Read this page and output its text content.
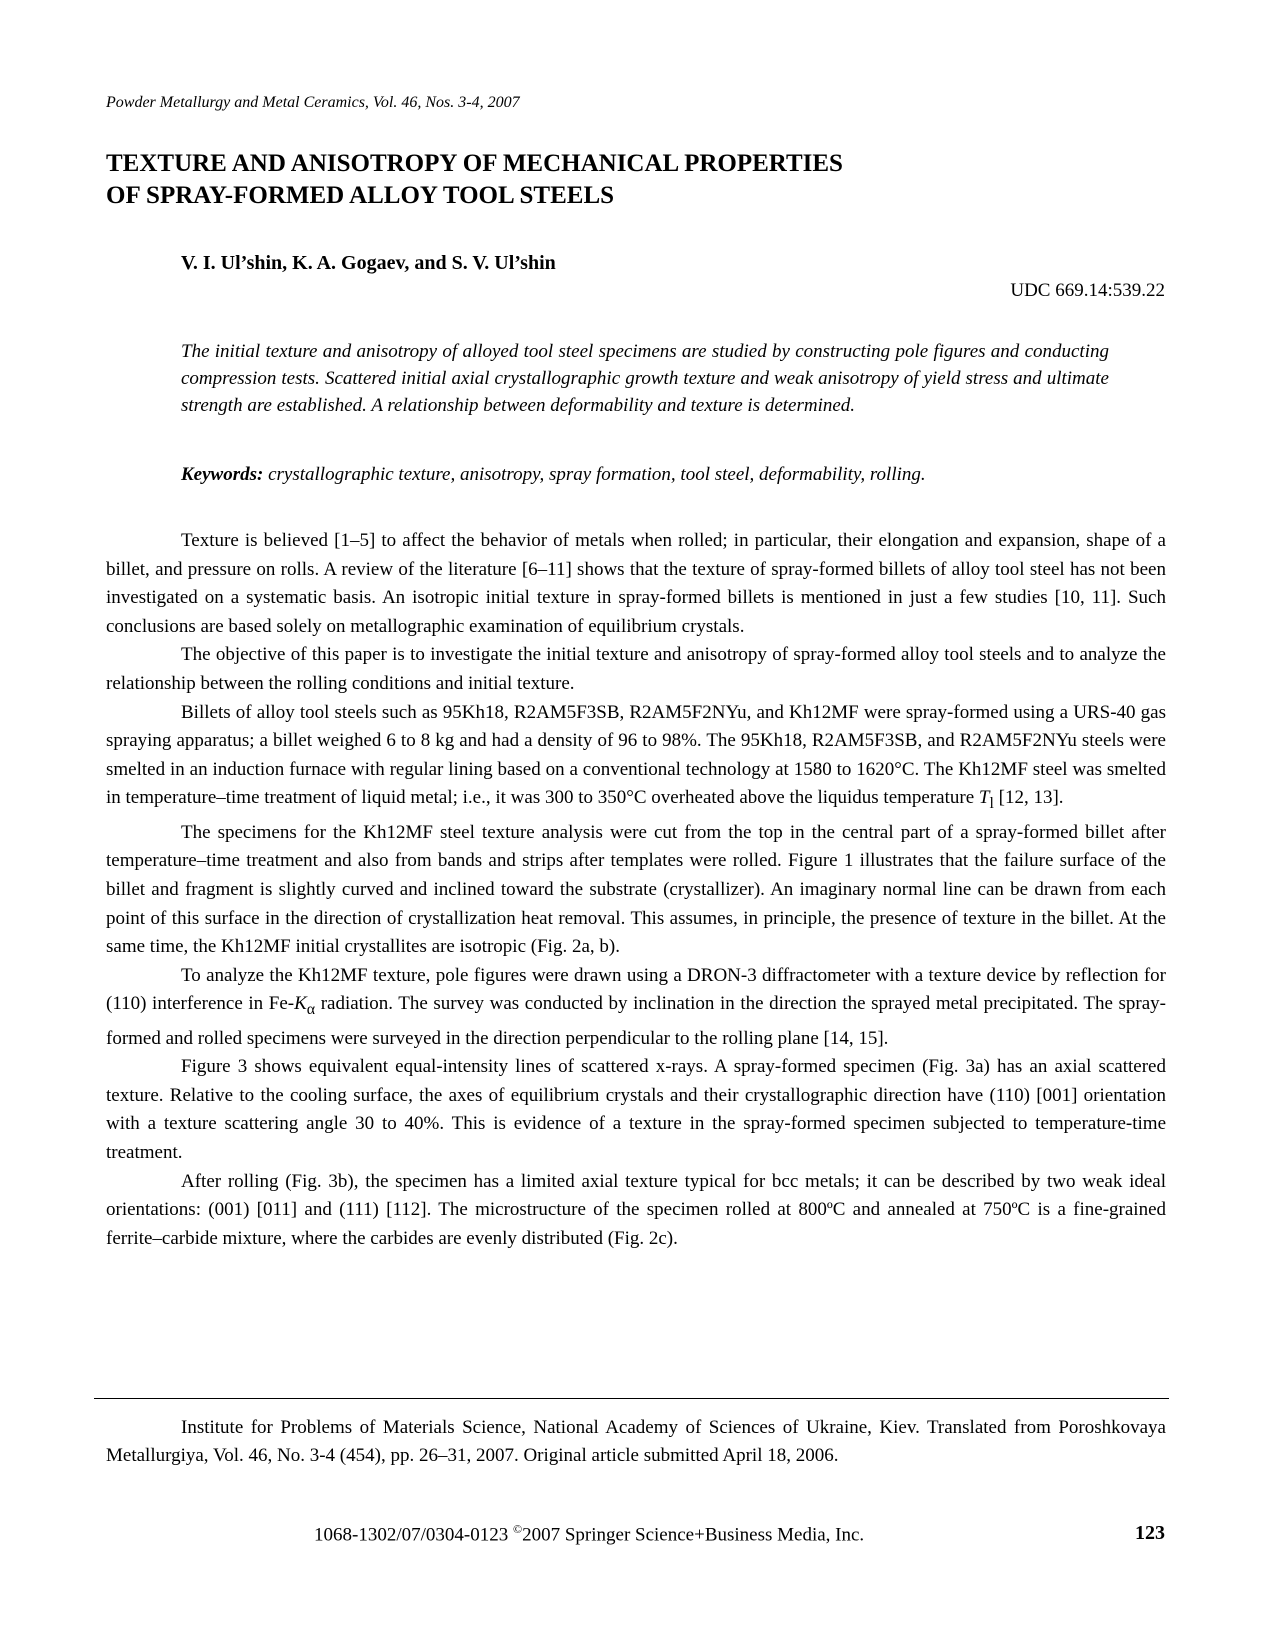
Powder Metallurgy and Metal Ceramics, Vol. 46, Nos. 3-4, 2007
TEXTURE AND ANISOTROPY OF MECHANICAL PROPERTIES
OF SPRAY-FORMED ALLOY TOOL STEELS
V. I. Ul’shin, K. A. Gogaev, and S. V. Ul’shin
UDC 669.14:539.22

The initial texture and anisotropy of alloyed tool steel specimens are studied by constructing pole figures and conducting compression tests. Scattered initial axial crystallographic growth texture and weak anisotropy of yield stress and ultimate strength are established. A relationship between deformability and texture is determined.

Keywords: crystallographic texture, anisotropy, spray formation, tool steel, deformability, rolling.

Texture is believed [1–5] to affect the behavior of metals when rolled; in particular, their elongation and expansion, shape of a billet, and pressure on rolls. A review of the literature [6–11] shows that the texture of spray-formed billets of alloy tool steel has not been investigated on a systematic basis. An isotropic initial texture in spray-formed billets is mentioned in just a few studies [10, 11]. Such conclusions are based solely on metallographic examination of equilibrium crystals.

The objective of this paper is to investigate the initial texture and anisotropy of spray-formed alloy tool steels and to analyze the relationship between the rolling conditions and initial texture.

Billets of alloy tool steels such as 95Kh18, R2AM5F3SB, R2AM5F2NYu, and Kh12MF were spray-formed using a URS-40 gas spraying apparatus; a billet weighed 6 to 8 kg and had a density of 96 to 98%. The 95Kh18, R2AM5F3SB, and R2AM5F2NYu steels were smelted in an induction furnace with regular lining based on a conventional technology at 1580 to 1620°C. The Kh12MF steel was smelted in temperature–time treatment of liquid metal; i.e., it was 300 to 350°C overheated above the liquidus temperature $T_l$ [12, 13].

The specimens for the Kh12MF steel texture analysis were cut from the top in the central part of a spray-formed billet after temperature–time treatment and also from bands and strips after templates were rolled. Figure 1 illustrates that the failure surface of the billet and fragment is slightly curved and inclined toward the substrate (crystallizer). An imaginary normal line can be drawn from each point of this surface in the direction of crystallization heat removal. This assumes, in principle, the presence of texture in the billet. At the same time, the Kh12MF initial crystallites are isotropic (Fig. 2a, b).

To analyze the Kh12MF texture, pole figures were drawn using a DRON-3 diffractometer with a texture device by reflection for (110) interference in $Fe-K_\alpha$ radiation. The survey was conducted by inclination in the direction the sprayed metal precipitated. The spray-formed and rolled specimens were surveyed in the direction perpendicular to the rolling plane [14, 15].

Figure 3 shows equivalent equal-intensity lines of scattered x-rays. A spray-formed specimen (Fig. 3a) has an axial scattered texture. Relative to the cooling surface, the axes of equilibrium crystals and their crystallographic direction have (110) [001] orientation with a texture scattering angle 30 to 40%. This is evidence of a texture in the spray-formed specimen subjected to temperature-time treatment.

After rolling (Fig. 3b), the specimen has a limited axial texture typical for bcc metals; it can be described by two weak ideal orientations: (001) [011] and (111) [112]. The microstructure of the specimen rolled at 800ºC and annealed at 750ºC is a fine-grained ferrite–carbide mixture, where the carbides are evenly distributed (Fig. 2c).

Institute for Problems of Materials Science, National Academy of Sciences of Ukraine, Kiev. Translated from Poroshkovaya Metallurgiya, Vol. 46, No. 3-4 (454), pp. 26–31, 2007. Original article submitted April 18, 2006.

1068-1302/07/0304-0123 ©2007 Springer Science+Business Media, Inc.	123
